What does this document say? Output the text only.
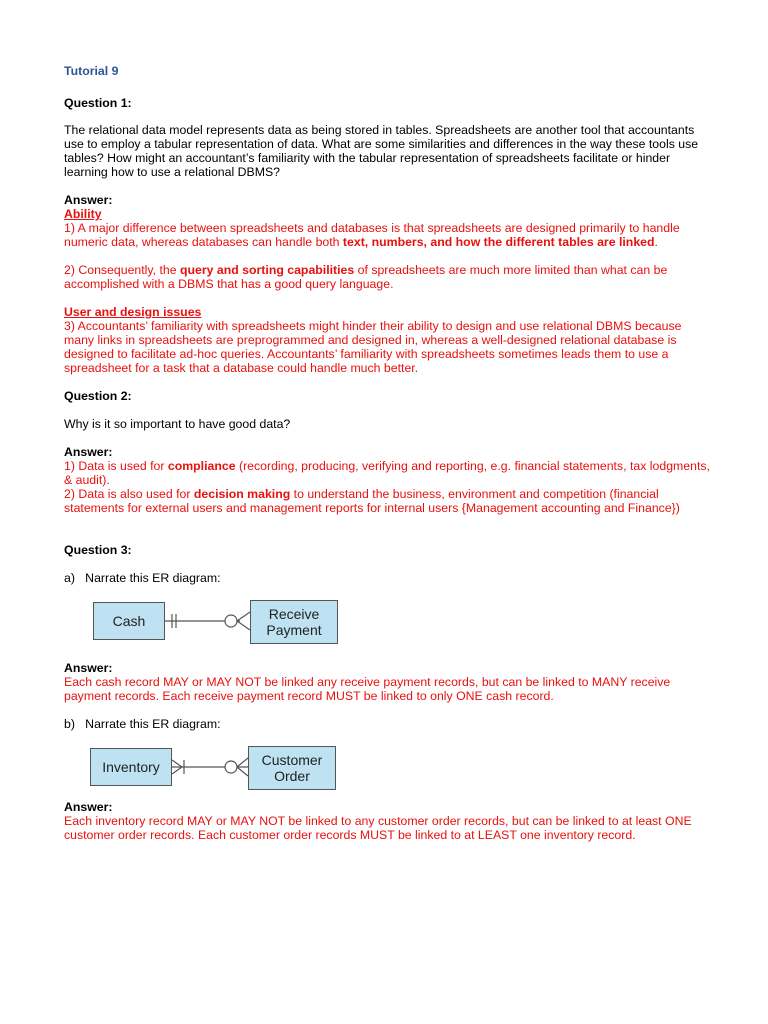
Tutorial 9
Question 1:
The relational data model represents data as being stored in tables. Spreadsheets are another tool that accountants use to employ a tabular representation of data. What are some similarities and differences in the way these tools use tables? How might an accountant’s familiarity with the tabular representation of spreadsheets facilitate or hinder learning how to use a relational DBMS?
Answer:
Ability
1) A major difference between spreadsheets and databases is that spreadsheets are designed primarily to handle numeric data, whereas databases can handle both text, numbers, and how the different tables are linked.
2) Consequently, the query and sorting capabilities of spreadsheets are much more limited than what can be accomplished with a DBMS that has a good query language.
User and design issues
3) Accountants’ familiarity with spreadsheets might hinder their ability to design and use relational DBMS because many links in spreadsheets are preprogrammed and designed in, whereas a well-designed relational database is designed to facilitate ad-hoc queries. Accountants’ familiarity with spreadsheets sometimes leads them to use a spreadsheet for a task that a database could handle much better.
Question 2:
Why is it so important to have good data?
Answer:
1) Data is used for compliance (recording, producing, verifying and reporting, e.g. financial statements, tax lodgments, & audit).
2) Data is also used for decision making to understand the business, environment and competition (financial statements for external users and management reports for internal users {Management accounting and Finance})
Question 3:
a)   Narrate this ER diagram:
Cash	Receive
Payment
Answer:
Each cash record MAY or MAY NOT be linked any receive payment records, but can be linked to MANY receive payment records. Each receive payment record MUST be linked to only ONE cash record.
b)   Narrate this ER diagram:
Inventory	Customer
Order
Answer:
Each inventory record MAY or MAY NOT be linked to any customer order records, but can be linked to at least ONE customer order records. Each customer order records MUST be linked to at LEAST one inventory record.
